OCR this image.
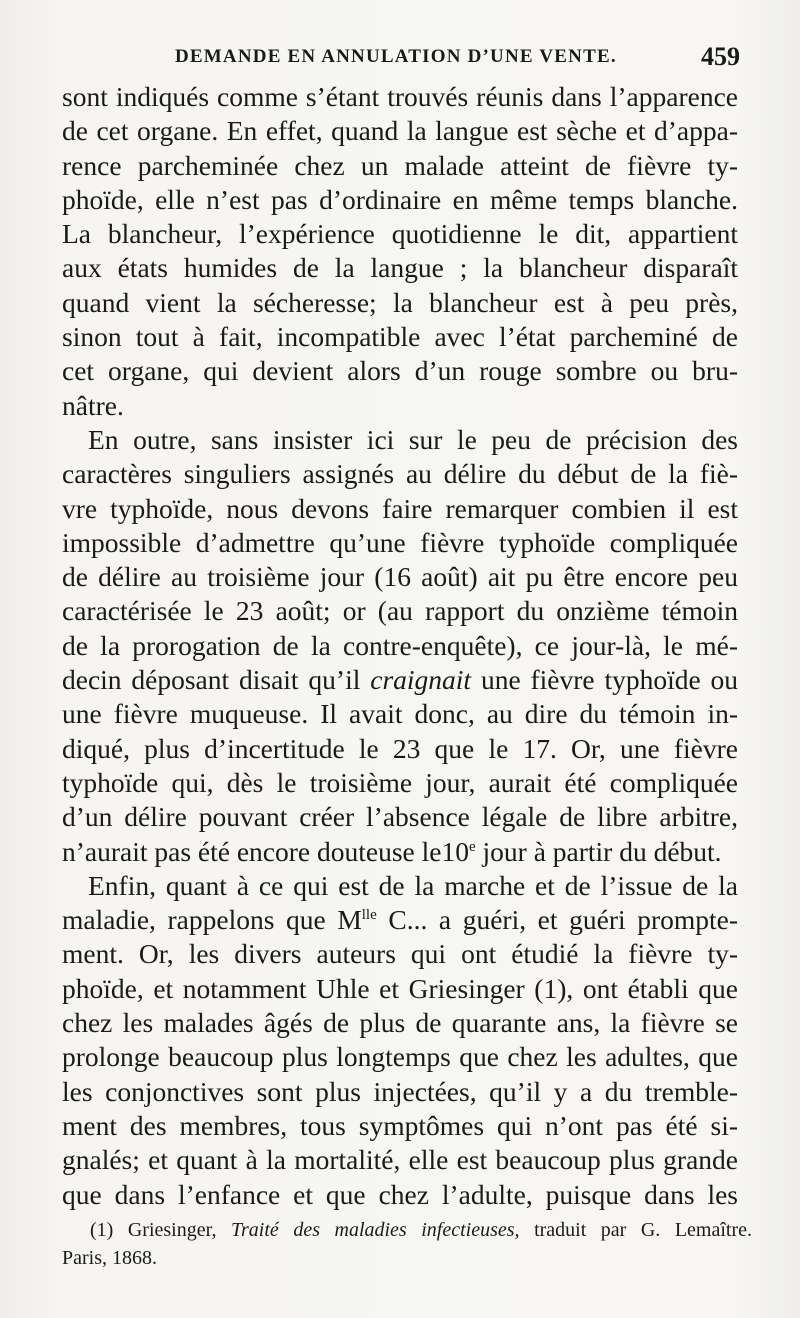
DEMANDE EN ANNULATION D’UNE VENTE.	459
sont indiqués comme s’étant trouvés réunis dans l’apparence
de cet organe. En effet, quand la langue est sèche et d’appa-
rence parcheminée chez un malade atteint de fièvre ty-
phoïde, elle n’est pas d’ordinaire en même temps blanche.
La blancheur, l’expérience quotidienne le dit, appartient
aux états humides de la langue ; la blancheur disparaît
quand vient la sécheresse; la blancheur est à peu près,
sinon tout à fait, incompatible avec l’état parcheminé de
cet organe, qui devient alors d’un rouge sombre ou bru-
nâtre.
En outre, sans insister ici sur le peu de précision des
caractères singuliers assignés au délire du début de la fiè-
vre typhoïde, nous devons faire remarquer combien il est
impossible d’admettre qu’une fièvre typhoïde compliquée
de délire au troisième jour (16 août) ait pu être encore peu
caractérisée le 23 août; or (au rapport du onzième témoin
de la prorogation de la contre-enquête), ce jour-là, le mé-
decin déposant disait qu’il craignait une fièvre typhoïde ou
une fièvre muqueuse. Il avait donc, au dire du témoin in-
diqué, plus d’incertitude le 23 que le 17. Or, une fièvre
typhoïde qui, dès le troisième jour, aurait été compliquée
d’un délire pouvant créer l’absence légale de libre arbitre,
n’aurait pas été encore douteuse le10e jour à partir du début.
Enfin, quant à ce qui est de la marche et de l’issue de la
maladie, rappelons que $M^{lle}$ C... a guéri, et guéri prompte-
ment. Or, les divers auteurs qui ont étudié la fièvre ty-
phoïde, et notamment Uhle et Griesinger (1), ont établi que
chez les malades âgés de plus de quarante ans, la fièvre se
prolonge beaucoup plus longtemps que chez les adultes, que
les conjonctives sont plus injectées, qu’il y a du tremble-
ment des membres, tous symptômes qui n’ont pas été si-
gnalés; et quant à la mortalité, elle est beaucoup plus grande
que dans l’enfance et que chez l’adulte, puisque dans les
(1) Griesinger, Traité des maladies infectieuses, traduit par G. Lemaître.
Paris, 1868.
